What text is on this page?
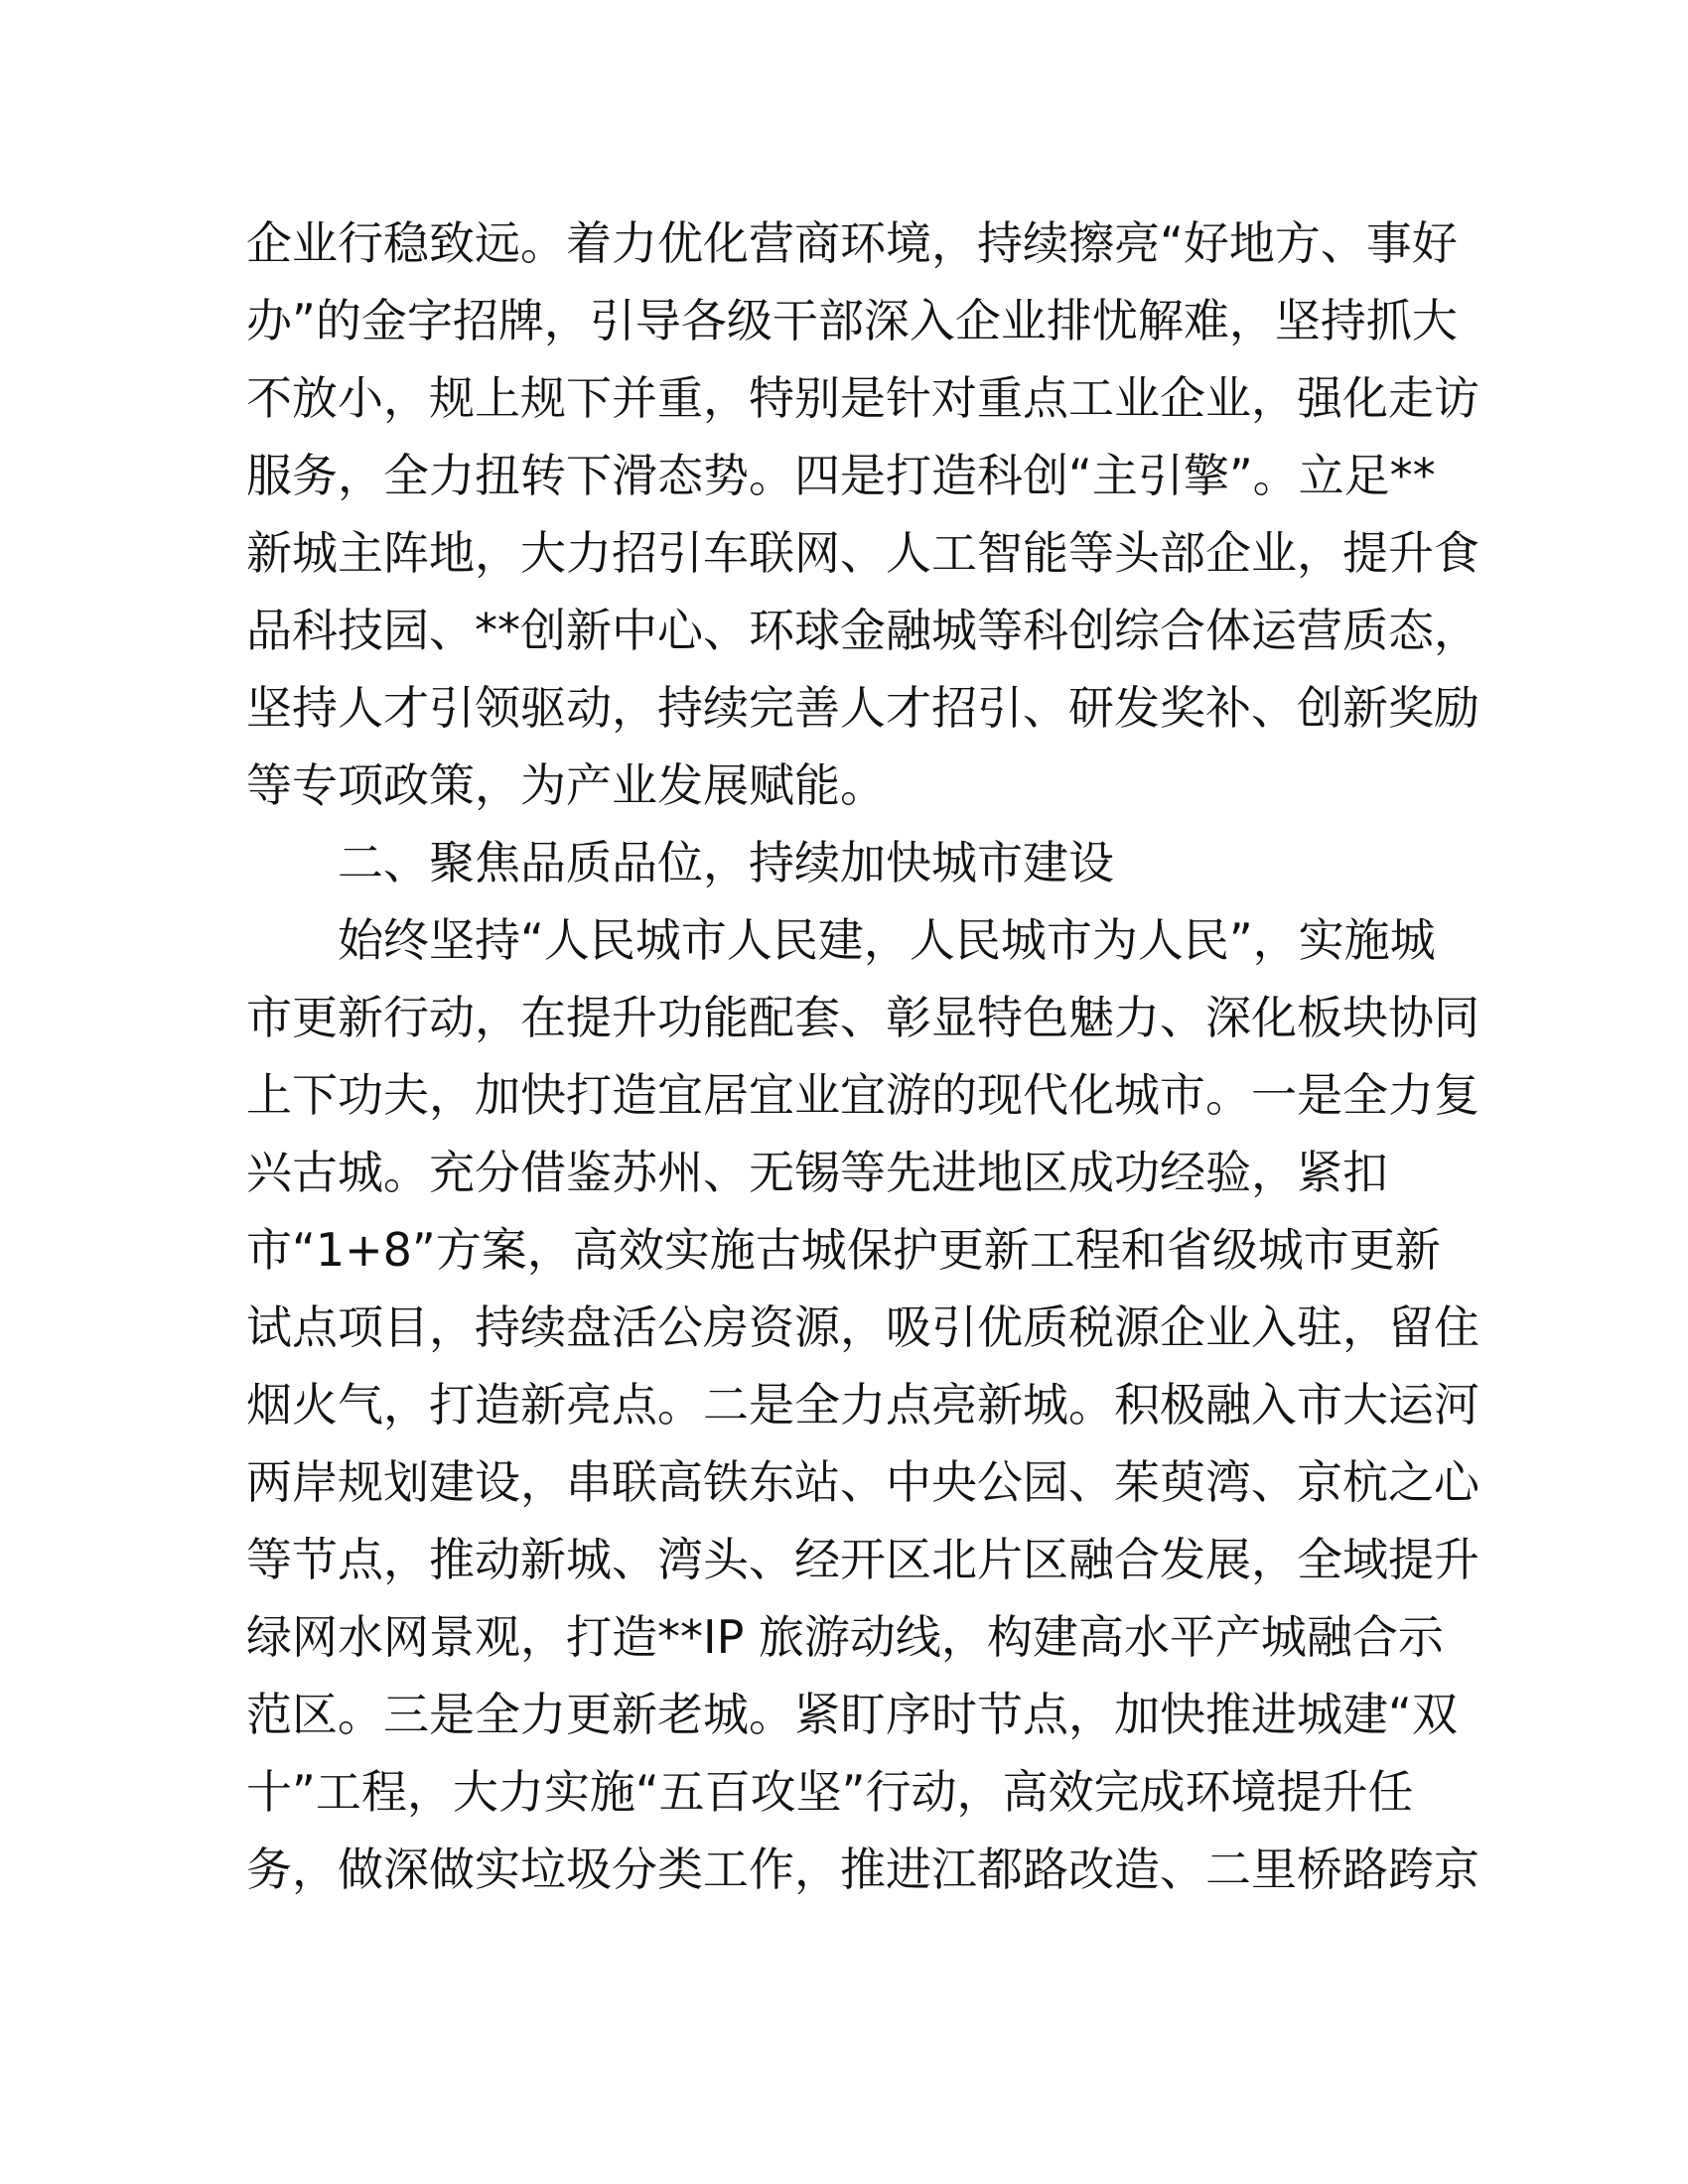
企业行稳致远。着力优化营商环境，持续擦亮“好地方、事好
办”的金字招牌，引导各级干部深入企业排忧解难，坚持抓大
不放小，规上规下并重，特别是针对重点工业企业，强化走访
服务，全力扭转下滑态势。四是打造科创“主引擎”。立足**
新城主阵地，大力招引车联网、人工智能等头部企业，提升食
品科技园、**创新中心、环球金融城等科创综合体运营质态，
坚持人才引领驱动，持续完善人才招引、研发奖补、创新奖励
等专项政策，为产业发展赋能。
　　二、聚焦品质品位，持续加快城市建设
　　始终坚持“人民城市人民建，人民城市为人民”，实施城
市更新行动，在提升功能配套、彰显特色魅力、深化板块协同
上下功夫，加快打造宜居宜业宜游的现代化城市。一是全力复
兴古城。充分借鉴苏州、无锡等先进地区成功经验，紧扣
市“1+8”方案，高效实施古城保护更新工程和省级城市更新
试点项目，持续盘活公房资源，吸引优质税源企业入驻，留住
烟火气，打造新亮点。二是全力点亮新城。积极融入市大运河
两岸规划建设，串联高铁东站、中央公园、茱萸湾、京杭之心
等节点，推动新城、湾头、经开区北片区融合发展，全域提升
绿网水网景观，打造**IP 旅游动线，构建高水平产城融合示
范区。三是全力更新老城。紧盯序时节点，加快推进城建“双
十”工程，大力实施“五百攻坚”行动，高效完成环境提升任
务，做深做实垃圾分类工作，推进江都路改造、二里桥路跨京
